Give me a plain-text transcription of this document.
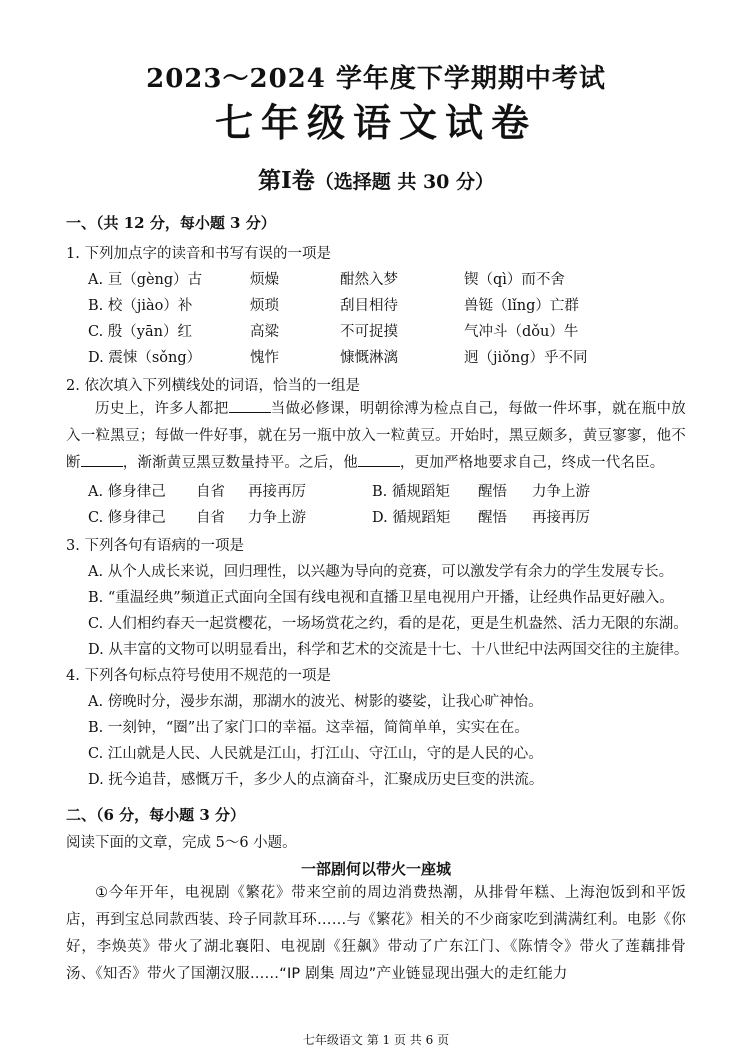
2023～2024 学年度下学期期中考试
七年级语文试卷
第Ⅰ卷（选择题 共 30 分）
一、（共 12 分，每小题 3 分）
1. 下列加点字的读音和书写有误的一项是
A. 亘（gèng）古	烦燥	酣然入梦	锲（qì）而不舍
B. 校（jiào）补	烦琐	刮目相待	兽铤（lǐng）亡群
C. 殷（yān）红	高粱	不可捉摸	气冲斗（dǒu）牛
D. 震悚（sǒng）	愧怍	慷慨淋漓	迥（jiǒng）乎不同
2. 依次填入下列横线处的词语，恰当的一组是
历史上，许多人都把	当做必修课，明朝徐溥为检点自己，每做一件坏事，就在瓶中放入一粒黑豆；每做一件好事，就在另一瓶中放入一粒黄豆。开始时，黑豆颇多，黄豆寥寥，他不断	，渐渐黄豆黑豆数量持平。之后，他	，更加严格地要求自己，终成一代名臣。
A. 修身律己 自省 再接再厉	B. 循规蹈矩 醒悟 力争上游
C. 修身律己 自省 力争上游	D. 循规蹈矩 醒悟 再接再厉
3. 下列各句有语病的一项是
A. 从个人成长来说，回归理性，以兴趣为导向的竞赛，可以激发学有余力的学生发展专长。
B. “重温经典”频道正式面向全国有线电视和直播卫星电视用户开播，让经典作品更好融入。
C. 人们相约春天一起赏樱花，一场场赏花之约，看的是花，更是生机盎然、活力无限的东湖。
D. 从丰富的文物可以明显看出，科学和艺术的交流是十七、十八世纪中法两国交往的主旋律。
4. 下列各句标点符号使用不规范的一项是
A. 傍晚时分，漫步东湖，那湖水的波光、树影的婆娑，让我心旷神怡。
B. 一刻钟，“圈”出了家门口的幸福。这幸福，简简单单，实实在在。
C. 江山就是人民、人民就是江山，打江山、守江山，守的是人民的心。
D. 抚今追昔，感慨万千，多少人的点滴奋斗，汇聚成历史巨变的洪流。
二、（6 分，每小题 3 分）
阅读下面的文章，完成 5～6 小题。
一部剧何以带火一座城
①今年开年，电视剧《繁花》带来空前的周边消费热潮，从排骨年糕、上海泡饭到和平饭店，再到宝总同款西装、玲子同款耳环……与《繁花》相关的不少商家吃到满满红利。电影《你好，李焕英》带火了湖北襄阳、电视剧《狂飙》带动了广东江门、《陈情令》带火了莲藕排骨汤、《知否》带火了国潮汉服……“IP 剧集 周边”产业链显现出强大的走红能力
七年级语文 第 1 页 共 6 页
